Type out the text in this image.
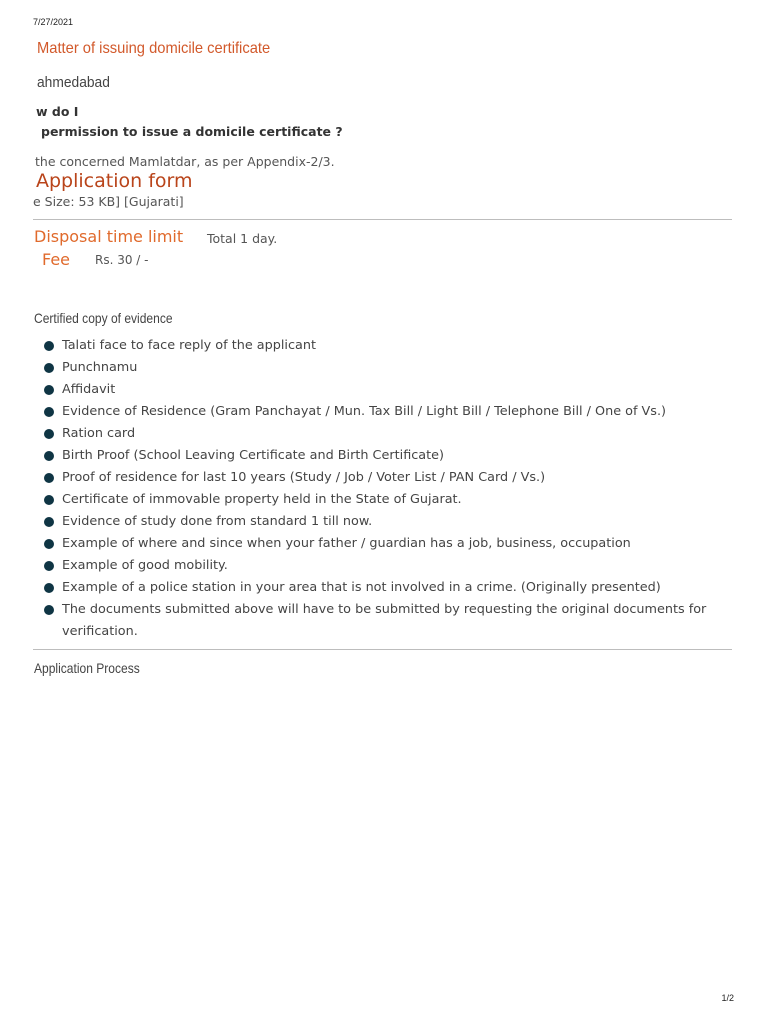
7/27/2021
Matter of issuing domicile certificate
ahmedabad
w do I
permission to issue a domicile certificate ?
the concerned Mamlatdar, as per Appendix-2/3.
Application form
e Size: 53 KB] [Gujarati]
Disposal time limit Total 1 day.
Fee Rs. 30 / -
Certified copy of evidence
Talati face to face reply of the applicant
Punchnamu
Affidavit
Evidence of Residence (Gram Panchayat / Mun. Tax Bill / Light Bill / Telephone Bill / One of Vs.)
Ration card
Birth Proof (School Leaving Certificate and Birth Certificate)
Proof of residence for last 10 years (Study / Job / Voter List / PAN Card / Vs.)
Certificate of immovable property held in the State of Gujarat.
Evidence of study done from standard 1 till now.
Example of where and since when your father / guardian has a job, business, occupation
Example of good mobility.
Example of a police station in your area that is not involved in a crime. (Originally presented)
The documents submitted above will have to be submitted by requesting the original documents for verification.
Application Process
1/2
